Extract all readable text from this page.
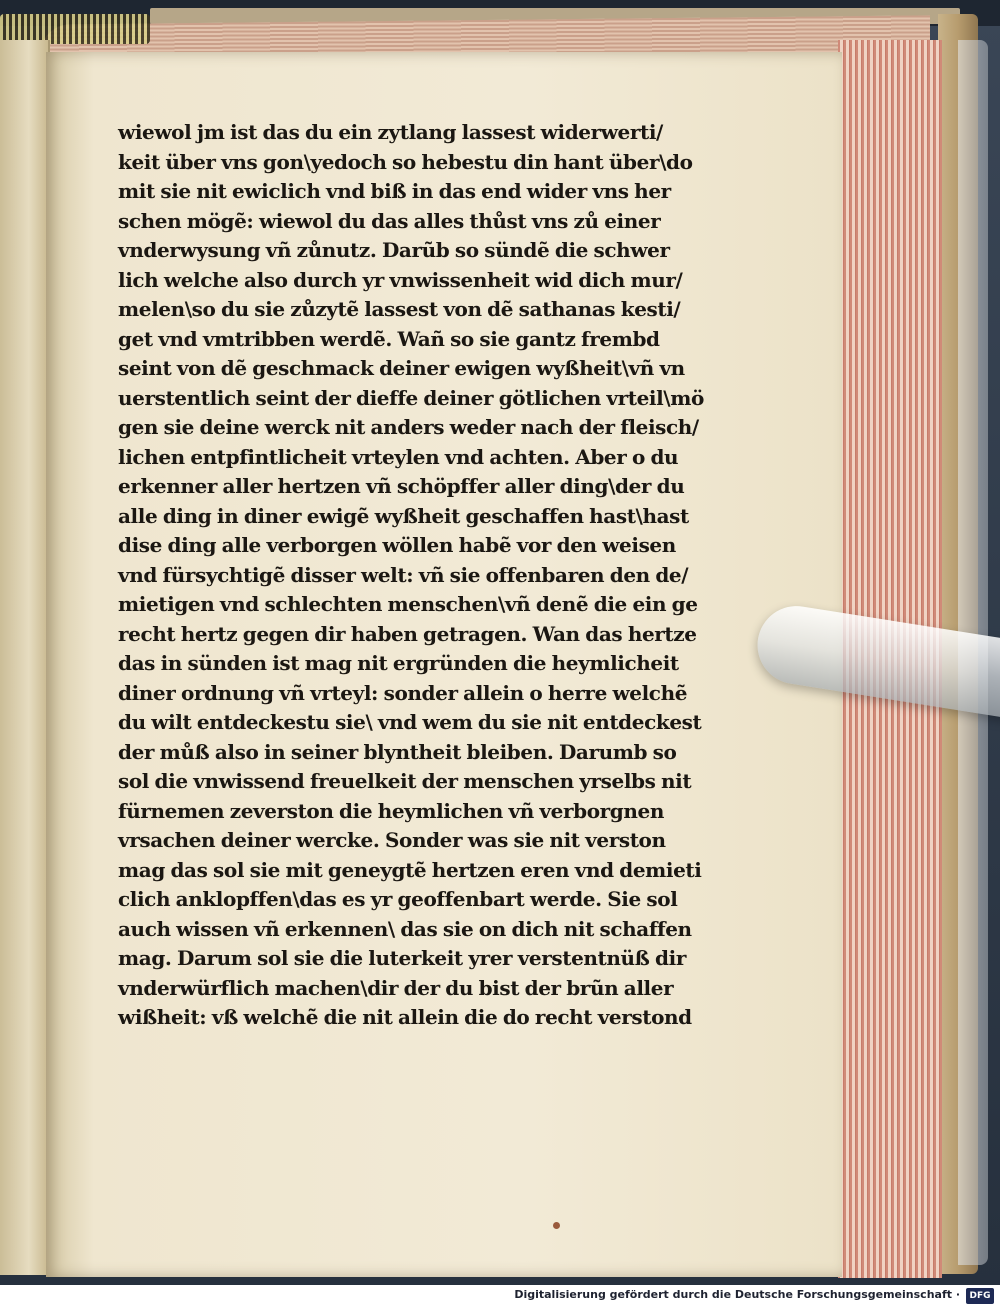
wiewol jm ist das du ein zytlang lassest widerwerti/
keit über vns gon\yedoch so hebestu din hant über\do
mit sie nit ewiclich vnd biß in das end wider vns her
schen mögẽ: wiewol du das alles thůst vns zů einer
vnderwysung vñ zůnutz. Darũb so sündẽ die schwer
lich welche also durch yr vnwissenheit wid dich mur/
melen\so du sie zůzytẽ lassest von dẽ sathanas kesti/
get vnd vmtribben werdẽ. Wañ so sie gantz frembd
seint von dẽ geschmack deiner ewigen wyßheit\vñ vn
uerstentlich seint der dieffe deiner götlichen vrteil\mö
gen sie deine werck nit anders weder nach der fleisch/
lichen entpfintlicheit vrteylen vnd achten. Aber o du
erkenner aller hertzen vñ schöpffer aller ding\der du
alle ding in diner ewigẽ wyßheit geschaffen hast\hast
dise ding alle verborgen wöllen habẽ vor den weisen
vnd fürsychtigẽ disser welt: vñ sie offenbaren den de/
mietigen vnd schlechten menschen\vñ denẽ die ein ge
recht hertz gegen dir haben getragen. Wan das hertze
das in sünden ist mag nit ergründen die heymlicheit
diner ordnung vñ vrteyl: sonder allein o herre welchẽ
du wilt entdeckestu sie\ vnd wem du sie nit entdeckest
der můß also in seiner blyntheit bleiben. Darumb so
sol die vnwissend freuelkeit der menschen yrselbs nit
fürnemen zeverston die heymlichen vñ verborgnen
vrsachen deiner wercke. Sonder was sie nit verston
mag das sol sie mit geneygtẽ hertzen eren vnd demieti
clich anklopffen\das es yr geoffenbart werde. Sie sol
auch wissen vñ erkennen\ das sie on dich nit schaffen
mag. Darum sol sie die luterkeit yrer verstentnüß dir
vnderwürflich machen\dir der du bist der brũn aller
wißheit: vß welchẽ die nit allein die do recht verstond
Digitalisierung gefördert durch die Deutsche Forschungsgemeinschaft ·	DFG
